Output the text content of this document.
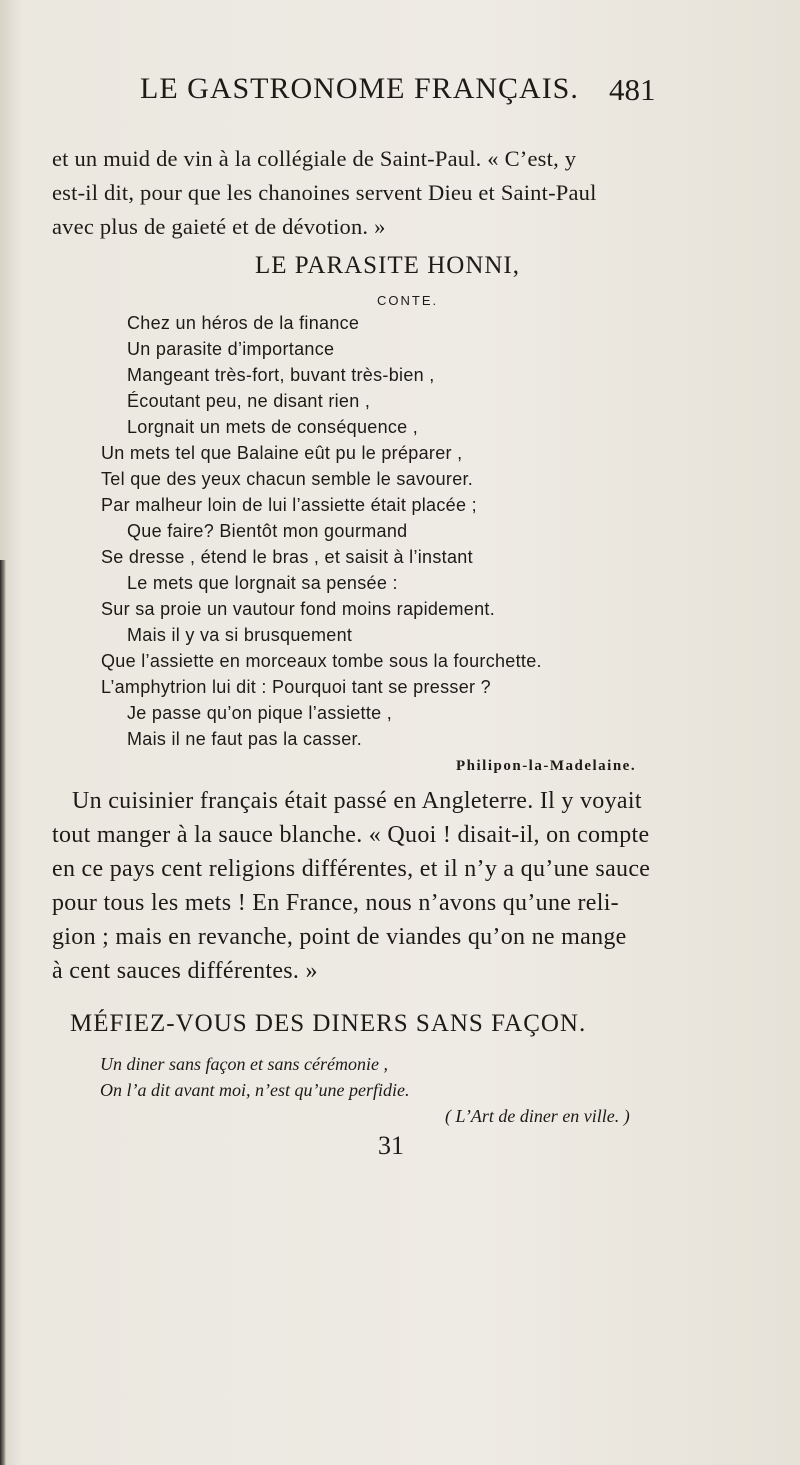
LE GASTRONOME FRANÇAIS. 481
et un muid de vin à la collégiale de Saint-Paul. « C’est, y
est-il dit, pour que les chanoines servent Dieu et Saint-Paul
avec plus de gaieté et de dévotion. »
LE PARASITE HONNI,
CONTE.
Chez un héros de la finance
Un parasite d’importance
Mangeant très-fort, buvant très-bien ,
Écoutant peu, ne disant rien ,
Lorgnait un mets de conséquence ,
Un mets tel que Balaine eût pu le préparer ,
Tel que des yeux chacun semble le savourer.
Par malheur loin de lui l’assiette était placée ;
Que faire? Bientôt mon gourmand
Se dresse , étend le bras , et saisit à l’instant
Le mets que lorgnait sa pensée :
Sur sa proie un vautour fond moins rapidement.
Mais il y va si brusquement
Que l’assiette en morceaux tombe sous la fourchette.
L’amphytrion lui dit : Pourquoi tant se presser ?
Je passe qu’on pique l’assiette ,
Mais il ne faut pas la casser.
Philipon-la-Madelaine.
Un cuisinier français était passé en Angleterre. Il y voyait
tout manger à la sauce blanche. « Quoi ! disait-il, on compte
en ce pays cent religions différentes, et il n’y a qu’une sauce
pour tous les mets ! En France, nous n’avons qu’une reli-
gion ; mais en revanche, point de viandes qu’on ne mange
à cent sauces différentes. »
MÉFIEZ-VOUS DES DINERS SANS FAÇON.
Un diner sans façon et sans cérémonie ,
On l’a dit avant moi, n’est qu’une perfidie.
( L’Art de diner en ville. )
31
